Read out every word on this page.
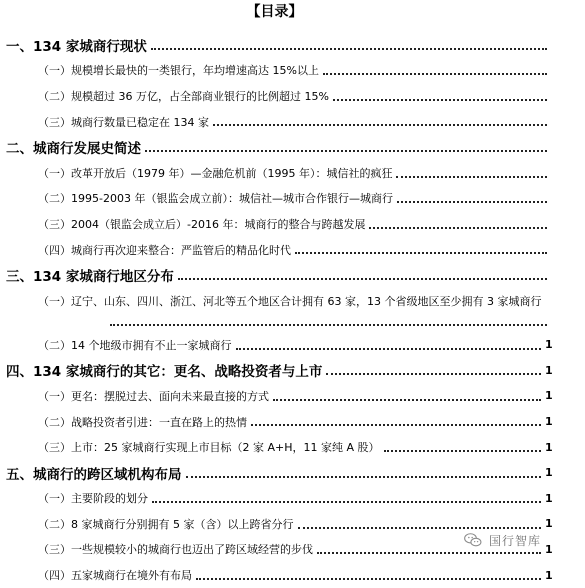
【目录】
一、134 家城商行现状
（一）规模增长最快的一类银行，年均增速高达 15%以上
（二）规模超过 36 万亿，占全部商业银行的比例超过 15%
（三）城商行数量已稳定在 134 家
二、城商行发展史简述
（一）改革开放后（1979 年）—金融危机前（1995 年）：城信社的疯狂
（二）1995-2003 年（银监会成立前）：城信社—城市合作银行—城商行
（三）2004（银监会成立后）-2016 年：城商行的整合与跨越发展
（四）城商行再次迎来整合：严监管后的精品化时代
三、134 家城商行地区分布
（一）辽宁、山东、四川、浙江、河北等五个地区合计拥有 63 家，13 个省级地区至少拥有 3 家城商行
（二）14 个地级市拥有不止一家城商行	1
四、134 家城商行的其它：更名、战略投资者与上市	1
（一）更名：摆脱过去、面向未来最直接的方式	1
（二）战略投资者引进：一直在路上的热情	1
（三）上市：25 家城商行实现上市目标（2 家 A+H，11 家纯 A 股）	1
五、城商行的跨区域机构布局	1
（一）主要阶段的划分	1
（二）8 家城商行分别拥有 5 家（含）以上跨省分行	1
（三）一些规模较小的城商行也迈出了跨区域经营的步伐	1
（四）五家城商行在境外有布局	1
国行智库
